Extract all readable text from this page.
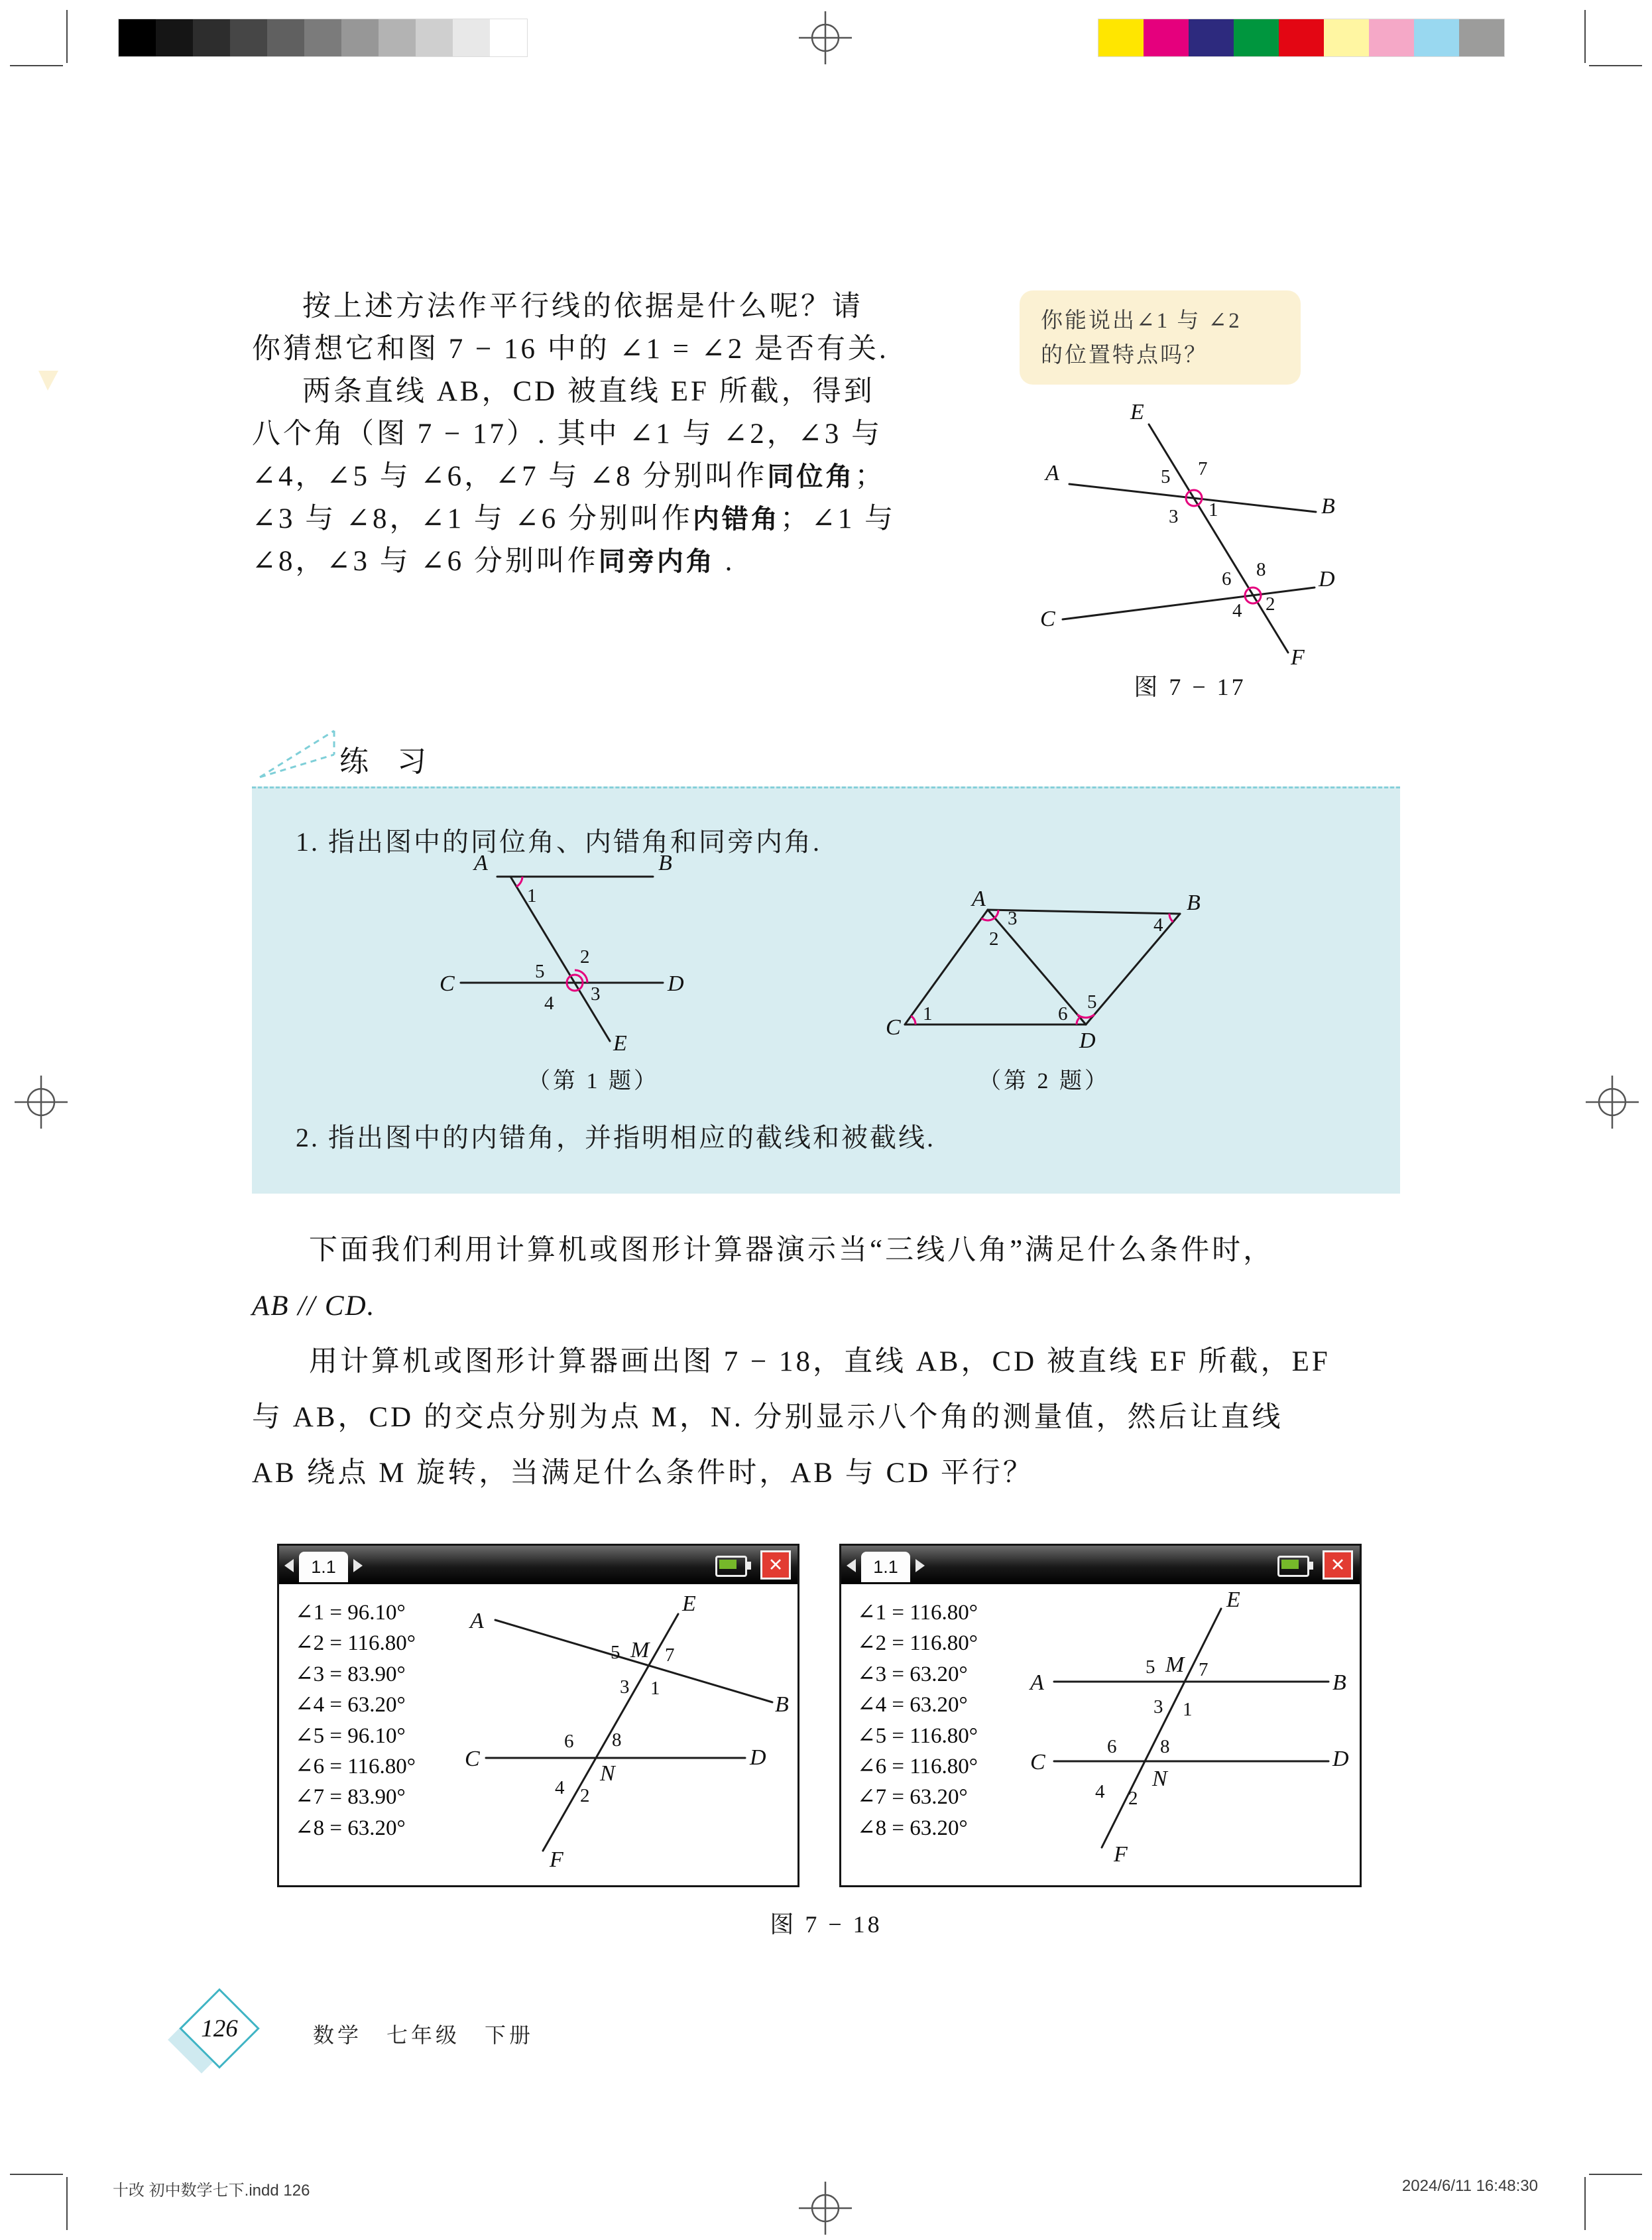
按上述方法作平行线的依据是什么呢？请
你猜想它和图 7 − 16 中的 ∠1 = ∠2 是否有关.
两条直线 AB，CD 被直线 EF 所截，得到
八个角（图 7 − 17）. 其中 ∠1 与 ∠2，∠3 与
∠4，∠5 与 ∠6，∠7 与 ∠8 分别叫作同位角；
∠3 与 ∠8，∠1 与 ∠6 分别叫作内错角；∠1 与
∠8，∠3 与 ∠6 分别叫作同旁内角 .

你能说出∠1 与 ∠2

的位置特点吗？

E
A
B
C
D
F
5 7
3 1
6 8
4 2
图 7 − 17
练 习
1. 指出图中的同位角、内错角和同旁内角.
2. 指出图中的内错角，并指明相应的截线和被截线.
A	B
C	D
E
1
5
2
3
4
（第 1 题）
A	B
C
D
3
2
4
1	6
5
（第 2 题）
下面我们利用计算机或图形计算器演示当“三线八角”满足什么条件时，
AB // CD.
用计算机或图形计算器画出图 7 − 18，直线 AB，CD 被直线 EF 所截，EF
与 AB，CD 的交点分别为点 M，N. 分别显示八个角的测量值，然后让直线
AB 绕点 M 旋转，当满足什么条件时，AB 与 CD 平行？
1.1	✕
∠1 = 96.10°
∠2 = 116.80°
∠3 = 83.90°
∠4 = 63.20°
∠5 = 96.10°
∠6 = 116.80°
∠7 = 83.90°
∠8 = 63.20°
A
B
E
F
C	D
M
N
5 7
3 1
6 8
4 2
1.1	✕
∠1 = 116.80°
∠2 = 116.80°
∠3 = 63.20°
∠4 = 63.20°
∠5 = 116.80°
∠6 = 116.80°
∠7 = 63.20°
∠8 = 63.20°
A	B
C	D
E
F
M
N
5 7
3 1
6 8
4 2
图 7 − 18
126	数学　七年级　下册
十改 初中数学七下.indd 126	2024/6/11 16:48:30
